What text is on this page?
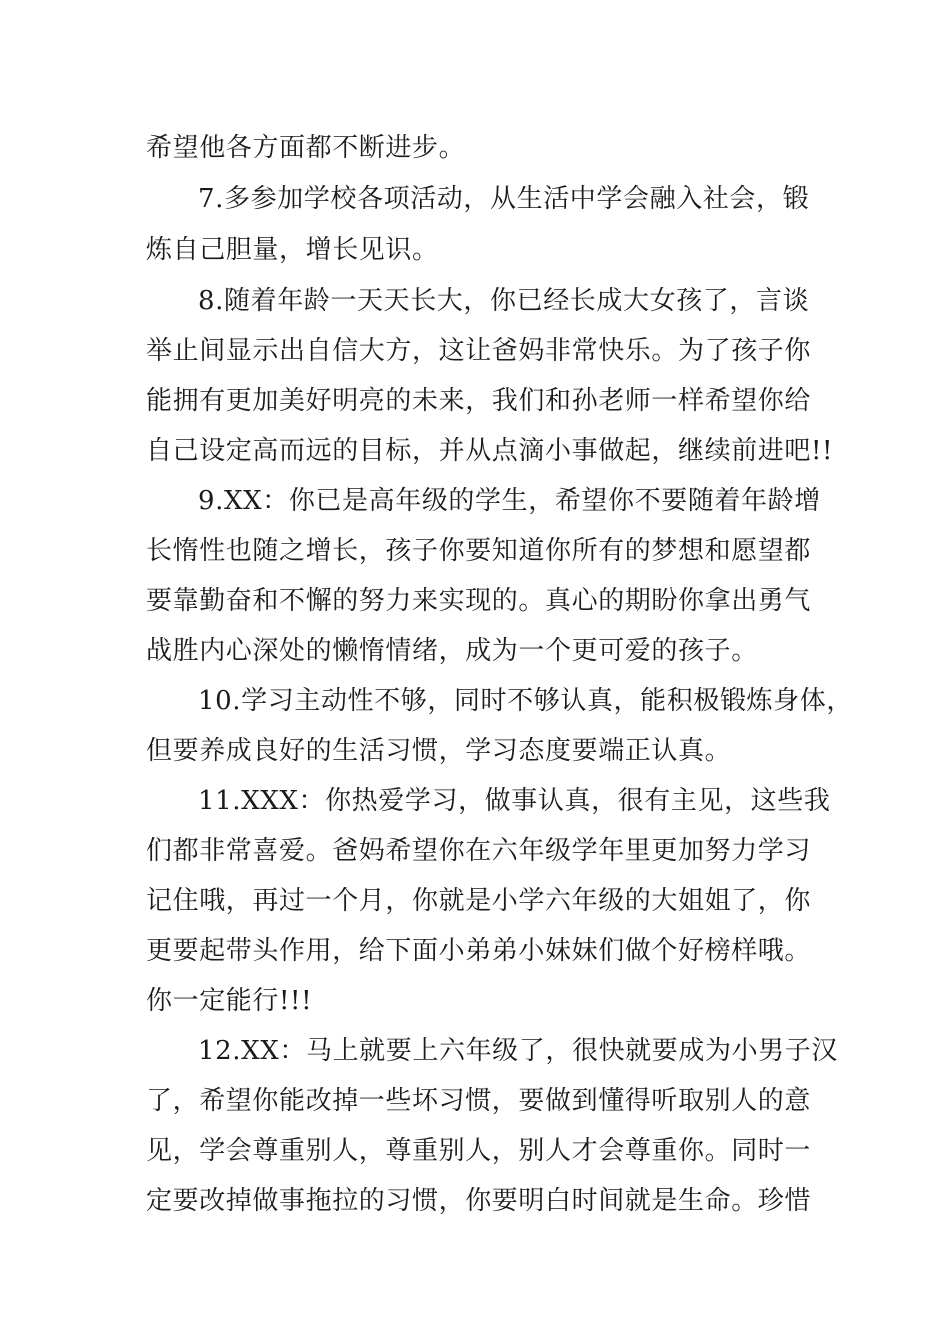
希望他各方面都不断进步。
7.多参加学校各项活动，从生活中学会融入社会，锻
炼自己胆量，增长见识。
8.随着年龄一天天长大，你已经长成大女孩了，言谈
举止间显示出自信大方，这让爸妈非常快乐。为了孩子你
能拥有更加美好明亮的未来，我们和孙老师一样希望你给
自己设定高而远的目标，并从点滴小事做起，继续前进吧!!
9.XX：你已是高年级的学生，希望你不要随着年龄增
长惰性也随之增长，孩子你要知道你所有的梦想和愿望都
要靠勤奋和不懈的努力来实现的。真心的期盼你拿出勇气
战胜内心深处的懒惰情绪，成为一个更可爱的孩子。
10.学习主动性不够，同时不够认真，能积极锻炼身体，
但要养成良好的生活习惯，学习态度要端正认真。
11.XXX：你热爱学习，做事认真，很有主见，这些我
们都非常喜爱。爸妈希望你在六年级学年里更加努力学习
记住哦，再过一个月，你就是小学六年级的大姐姐了，你
更要起带头作用，给下面小弟弟小妹妹们做个好榜样哦。
你一定能行!!!
12.XX：马上就要上六年级了，很快就要成为小男子汉
了，希望你能改掉一些坏习惯，要做到懂得听取别人的意
见，学会尊重别人，尊重别人，别人才会尊重你。同时一
定要改掉做事拖拉的习惯，你要明白时间就是生命。珍惜
